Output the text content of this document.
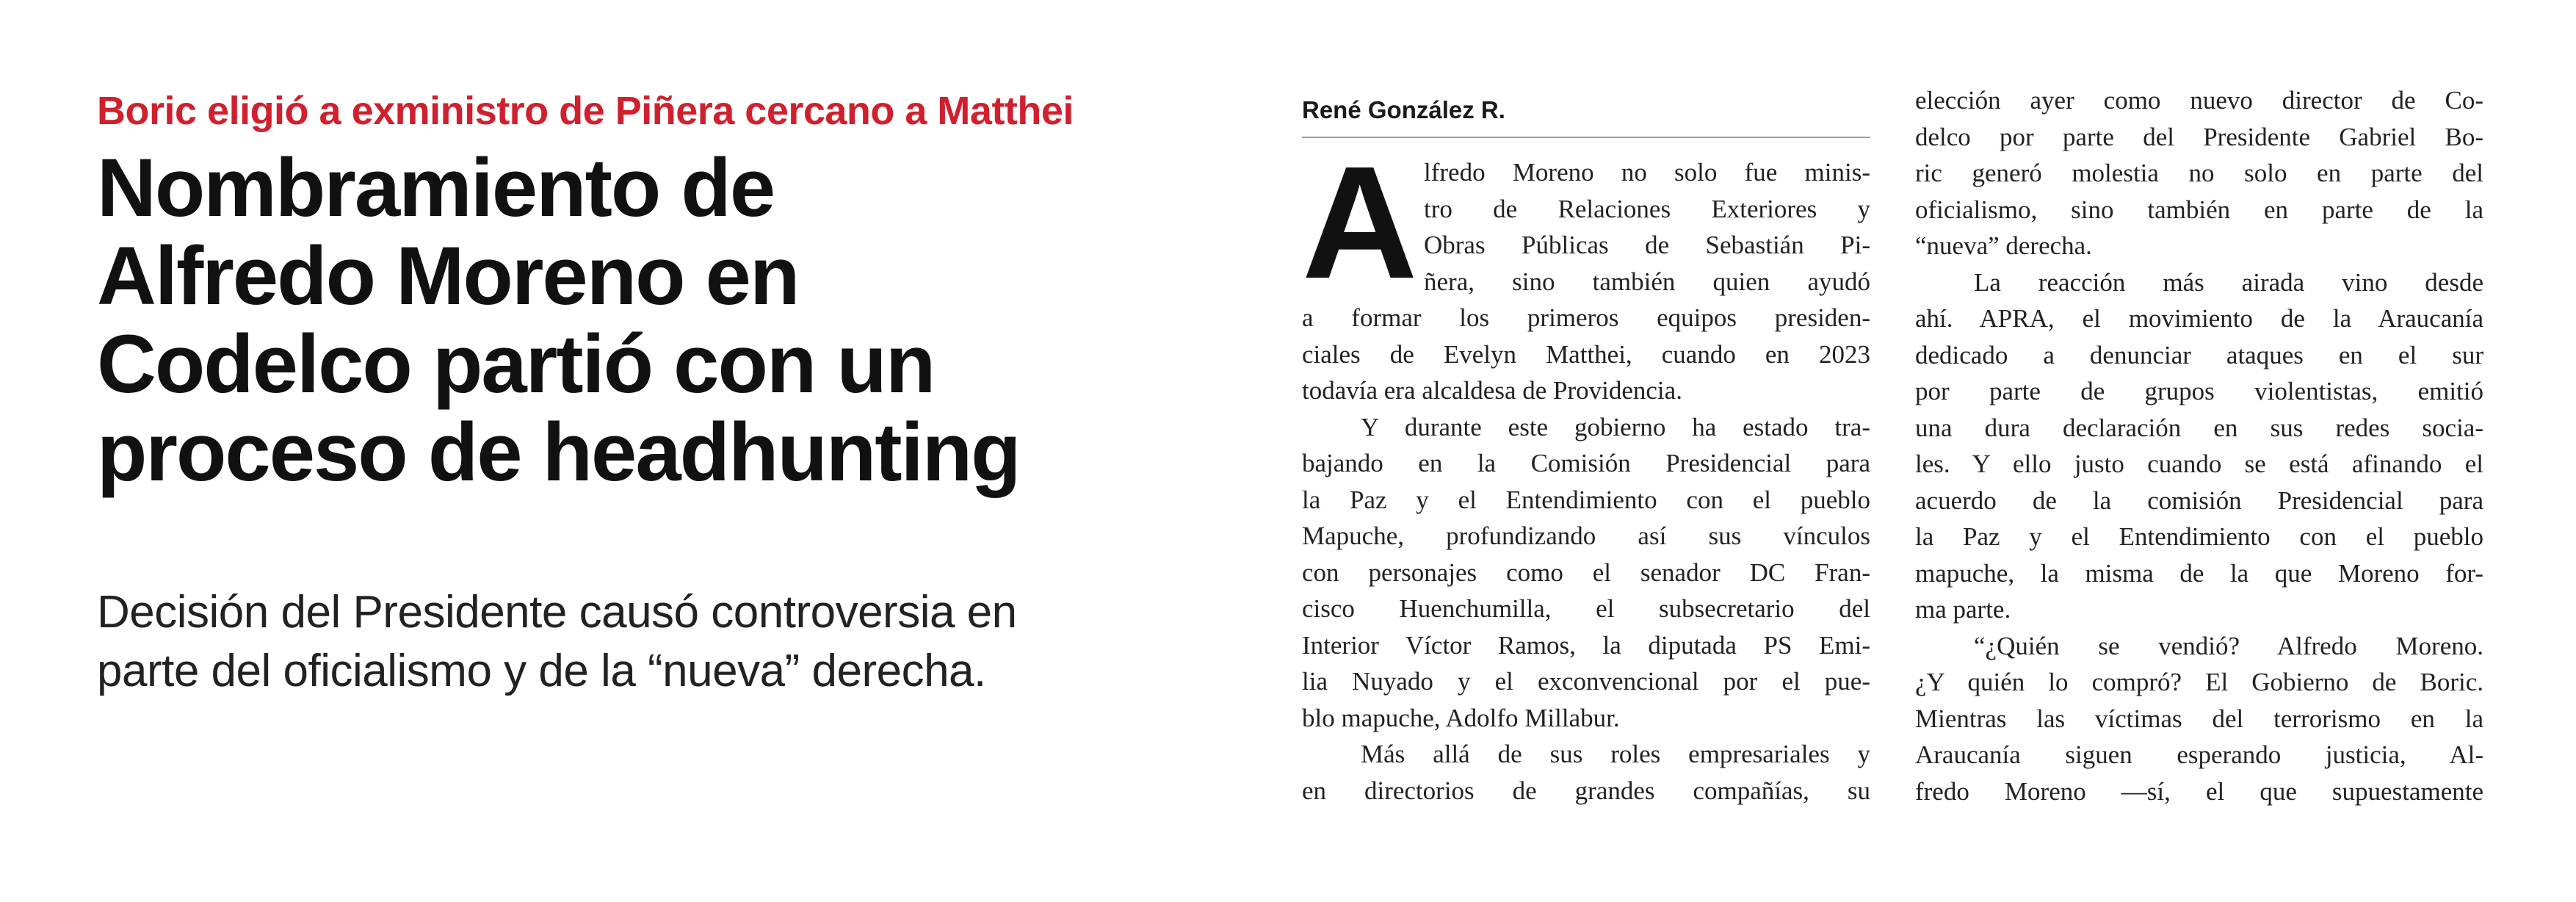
Boric eligió a exministro de Piñera cercano a Matthei

Nombramiento de
Alfredo Moreno en
Codelco partió con un
proceso de headhunting

Decisión del Presidente causó controversia en
parte del oficialismo y de la “nueva” derecha.

René González R.
A lfredo Moreno no solo fue minis-
tro de Relaciones Exteriores y
Obras Públicas de Sebastián Pi-
ñera, sino también quien ayudó
a formar los primeros equipos presiden-
ciales de Evelyn Matthei, cuando en 2023
todavía era alcaldesa de Providencia.
Y durante este gobierno ha estado tra-
bajando en la Comisión Presidencial para
la Paz y el Entendimiento con el pueblo
Mapuche, profundizando así sus vínculos
con personajes como el senador DC Fran-
cisco Huenchumilla, el subsecretario del
Interior Víctor Ramos, la diputada PS Emi-
lia Nuyado y el exconvencional por el pue-
blo mapuche, Adolfo Millabur.
Más allá de sus roles empresariales y
en directorios de grandes compañías, su
elección ayer como nuevo director de Co-
delco por parte del Presidente Gabriel Bo-
ric generó molestia no solo en parte del
oficialismo, sino también en parte de la
“nueva” derecha.
La reacción más airada vino desde
ahí. APRA, el movimiento de la Araucanía
dedicado a denunciar ataques en el sur
por parte de grupos violentistas, emitió
una dura declaración en sus redes socia-
les. Y ello justo cuando se está afinando el
acuerdo de la comisión Presidencial para
la Paz y el Entendimiento con el pueblo
mapuche, la misma de la que Moreno for-
ma parte.
“¿Quién se vendió? Alfredo Moreno.
¿Y quién lo compró? El Gobierno de Boric.
Mientras las víctimas del terrorismo en la
Araucanía siguen esperando justicia, Al-
fredo Moreno —sí, el que supuestamente
